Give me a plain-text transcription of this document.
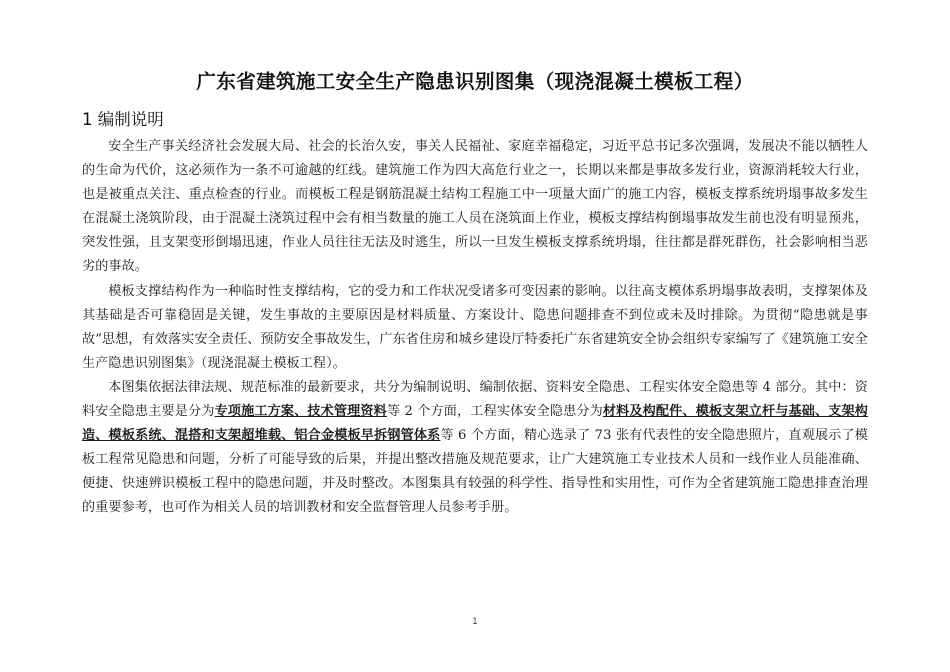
广东省建筑施工安全生产隐患识别图集（现浇混凝土模板工程）
1 编制说明

安全生产事关经济社会发展大局、社会的长治久安，事关人民福祉、家庭幸福稳定，习近平总书记多次强调，发展决不能以牺牲人的生命为代价，这必须作为一条不可逾越的红线。建筑施工作为四大高危行业之一，长期以来都是事故多发行业，资源消耗较大行业，也是被重点关注、重点检查的行业。而模板工程是钢筋混凝土结构工程施工中一项量大面广的施工内容，模板支撑系统坍塌事故多发生在混凝土浇筑阶段，由于混凝土浇筑过程中会有相当数量的施工人员在浇筑面上作业，模板支撑结构倒塌事故发生前也没有明显预兆，突发性强，且支架变形倒塌迅速，作业人员往往无法及时逃生，所以一旦发生模板支撑系统坍塌，往往都是群死群伤，社会影响相当恶劣的事故。

模板支撑结构作为一种临时性支撑结构，它的受力和工作状况受诸多可变因素的影响。以往高支模体系坍塌事故表明，支撑架体及其基础是否可靠稳固是关键，发生事故的主要原因是材料质量、方案设计、隐患问题排查不到位或未及时排除。为贯彻“隐患就是事故”思想，有效落实安全责任、预防安全事故发生，广东省住房和城乡建设厅特委托广东省建筑安全协会组织专家编写了《建筑施工安全生产隐患识别图集》（现浇混凝土模板工程）。

本图集依据法律法规、规范标准的最新要求，共分为编制说明、编制依据、资料安全隐患、工程实体安全隐患等 4 部分。其中：资料安全隐患主要是分为专项施工方案、技术管理资料等 2 个方面，工程实体安全隐患分为材料及构配件、模板支架立杆与基础、支架构造、模板系统、混搭和支架超堆载、铝合金模板早拆钢管体系等 6 个方面，精心选录了 73 张有代表性的安全隐患照片，直观展示了模板工程常见隐患和问题，分析了可能导致的后果，并提出整改措施及规范要求，让广大建筑施工专业技术人员和一线作业人员能准确、便捷、快速辨识模板工程中的隐患问题，并及时整改。本图集具有较强的科学性、指导性和实用性，可作为全省建筑施工隐患排查治理的重要参考，也可作为相关人员的培训教材和安全监督管理人员参考手册。

1
